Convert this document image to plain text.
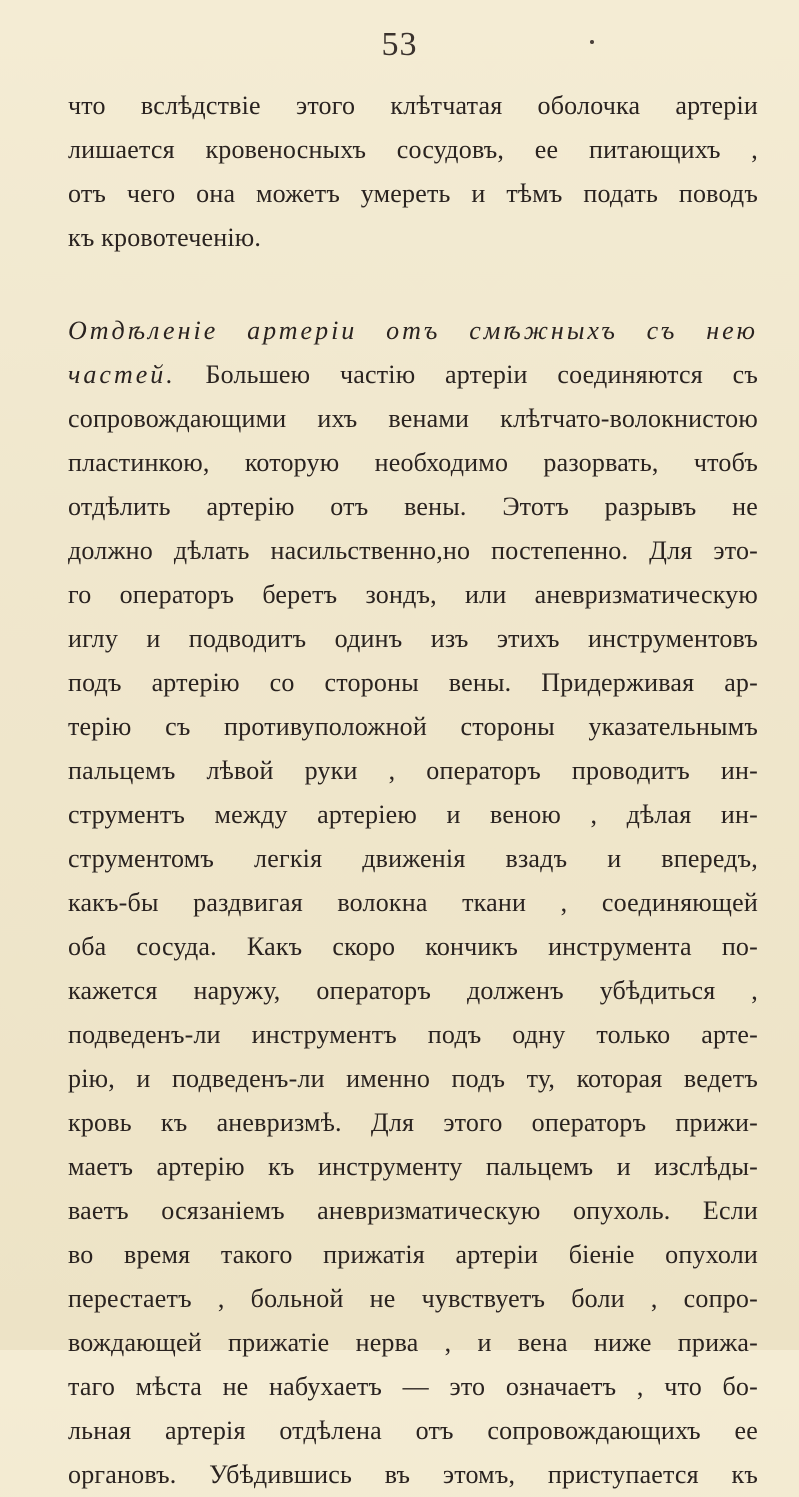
53
что вслѣдствіе этого клѣтчатая оболочка артеріи
лишается кровеносныхъ сосудовъ, ее питающихъ ,
отъ чего она можетъ умереть и тѣмъ подать поводъ
къ кровотеченію.
Отдѣленіе артеріи отъ смѣжныхъ съ нею
частей. Большею частію артеріи соединяются съ
сопровождающими ихъ венами клѣтчато-волокнистою
пластинкою, которую необходимо разорвать, чтобъ
отдѣлить артерію отъ вены. Этотъ разрывъ не
должно дѣлать насильственно,но постепенно. Для это-
го операторъ беретъ зондъ, или аневризматическую
иглу и подводитъ одинъ изъ этихъ инструментовъ
подъ артерію со стороны вены. Придерживая ар-
терію съ противуположной стороны указательнымъ
пальцемъ лѣвой руки , операторъ проводитъ ин-
струментъ между артеріею и веною , дѣлая ин-
струментомъ легкія движенія взадъ и впередъ,
какъ-бы раздвигая волокна ткани , соединяющей
оба сосуда. Какъ скоро кончикъ инструмента по-
кажется наружу, операторъ долженъ убѣдиться ,
подведенъ-ли инструментъ подъ одну только арте-
рію, и подведенъ-ли именно подъ ту, которая ведетъ
кровь къ аневризмѣ. Для этого операторъ прижи-
маетъ артерію къ инструменту пальцемъ и изслѣды-
ваетъ осязаніемъ аневризматическую опухоль. Если
во время такого прижатія артеріи біеніе опухоли
перестаетъ , больной не чувствуетъ боли , сопро-
вождающей прижатіе нерва , и вена ниже прижа-
таго мѣста не набухаетъ — это означаетъ , что бо-
льная артерія отдѣлена отъ сопровождающихъ ее
органовъ. Убѣдившись въ этомъ, приступается къ
